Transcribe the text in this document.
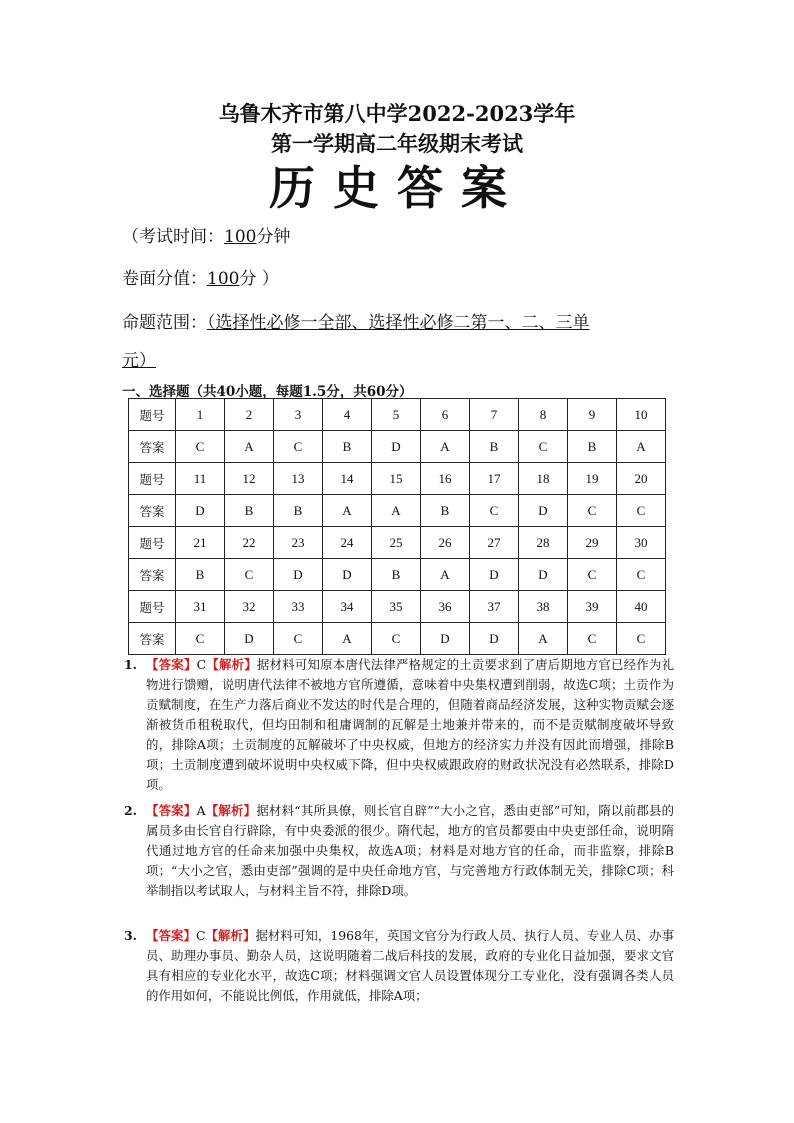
乌鲁木齐市第八中学2022-2023学年
第一学期高二年级期末考试
历史答案
（考试时间：100分钟
卷面分值：100分 ）
命题范围：（选择性必修一全部、选择性必修二第一、二、三单
元）
一、选择题（共40小题，每题1.5分，共60分）
题号	1	2	3	4	5	6	7	8	9	10
答案	C	A	C	B	D	A	B	C	B	A
题号	11	12	13	14	15	16	17	18	19	20
答案	D	B	B	A	A	B	C	D	C	C
题号	21	22	23	24	25	26	27	28	29	30
答案	B	C	D	D	B	A	D	D	C	C
题号	31	32	33	34	35	36	37	38	39	40
答案	C	D	C	A	C	D	D	A	C	C
1. 【答案】C【解析】据材料可知原本唐代法律严格规定的土贡要求到了唐后期地方官已经作为礼物进行馈赠，说明唐代法律不被地方官所遵循，意味着中央集权遭到削弱，故选C项；土贡作为贡赋制度，在生产力落后商业不发达的时代是合理的，但随着商品经济发展，这种实物贡赋会逐渐被货币租税取代，但均田制和租庸调制的瓦解是土地兼并带来的，而不是贡赋制度破坏导致的，排除A项；土贡制度的瓦解破坏了中央权威，但地方的经济实力并没有因此而增强，排除B项；土贡制度遭到破坏说明中央权威下降，但中央权威跟政府的财政状况没有必然联系，排除D项。
2. 【答案】A【解析】据材料“其所具僚，则长官自辟”“大小之官，悉由吏部”可知，隋以前郡县的属员多由长官自行辟除，有中央委派的很少。隋代起，地方的官员都要由中央吏部任命，说明隋代通过地方官的任命来加强中央集权，故选A项；材料是对地方官的任命，而非监察，排除B项；“大小之官，悉由吏部”强调的是中央任命地方官，与完善地方行政体制无关，排除C项；科举制指以考试取人，与材料主旨不符，排除D项。
3. 【答案】C【解析】据材料可知，1968年，英国文官分为行政人员、执行人员、专业人员、办事员、助理办事员、勤杂人员，这说明随着二战后科技的发展，政府的专业化日益加强，要求文官具有相应的专业化水平，故选C项；材料强调文官人员设置体现分工专业化，没有强调各类人员的作用如何，不能说比例低，作用就低，排除A项；
